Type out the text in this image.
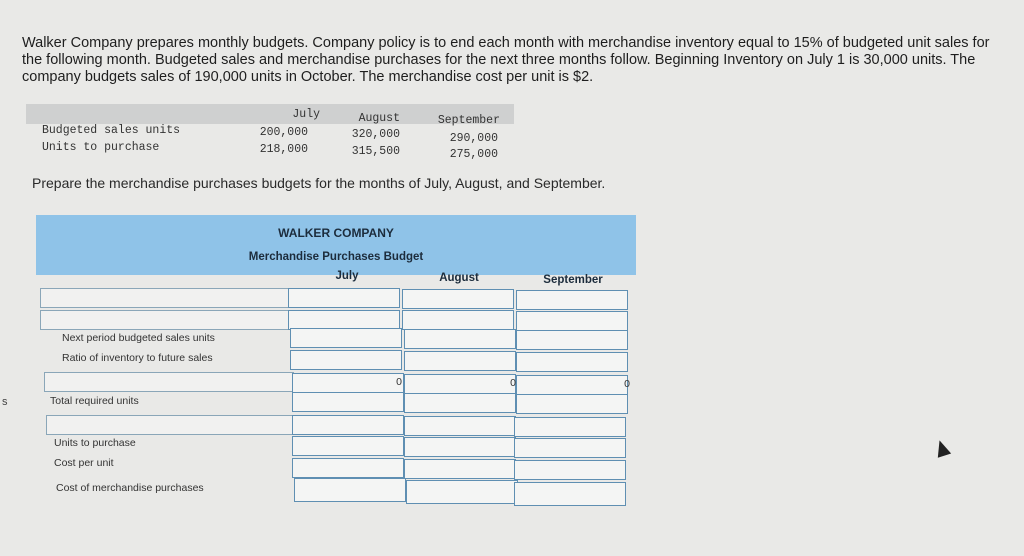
Walker Company prepares monthly budgets. Company policy is to end each month with merchandise inventory equal to 15% of budgeted unit sales for the following month. Budgeted sales and merchandise purchases for the next three months follow. Beginning Inventory on July 1 is 30,000 units. The company budgets sales of 190,000 units in October. The merchandise cost per unit is $2.
July	August	September
Budgeted sales units	200,000	320,000	290,000
Units to purchase	218,000	315,500	275,000
Prepare the merchandise purchases budgets for the months of July, August, and September.
WALKER COMPANY
Merchandise Purchases Budget
July	August	September
Next period budgeted sales units
Ratio of inventory to future sales
0	0	0
Total required units
Units to purchase
Cost per unit
Cost of merchandise purchases
s
